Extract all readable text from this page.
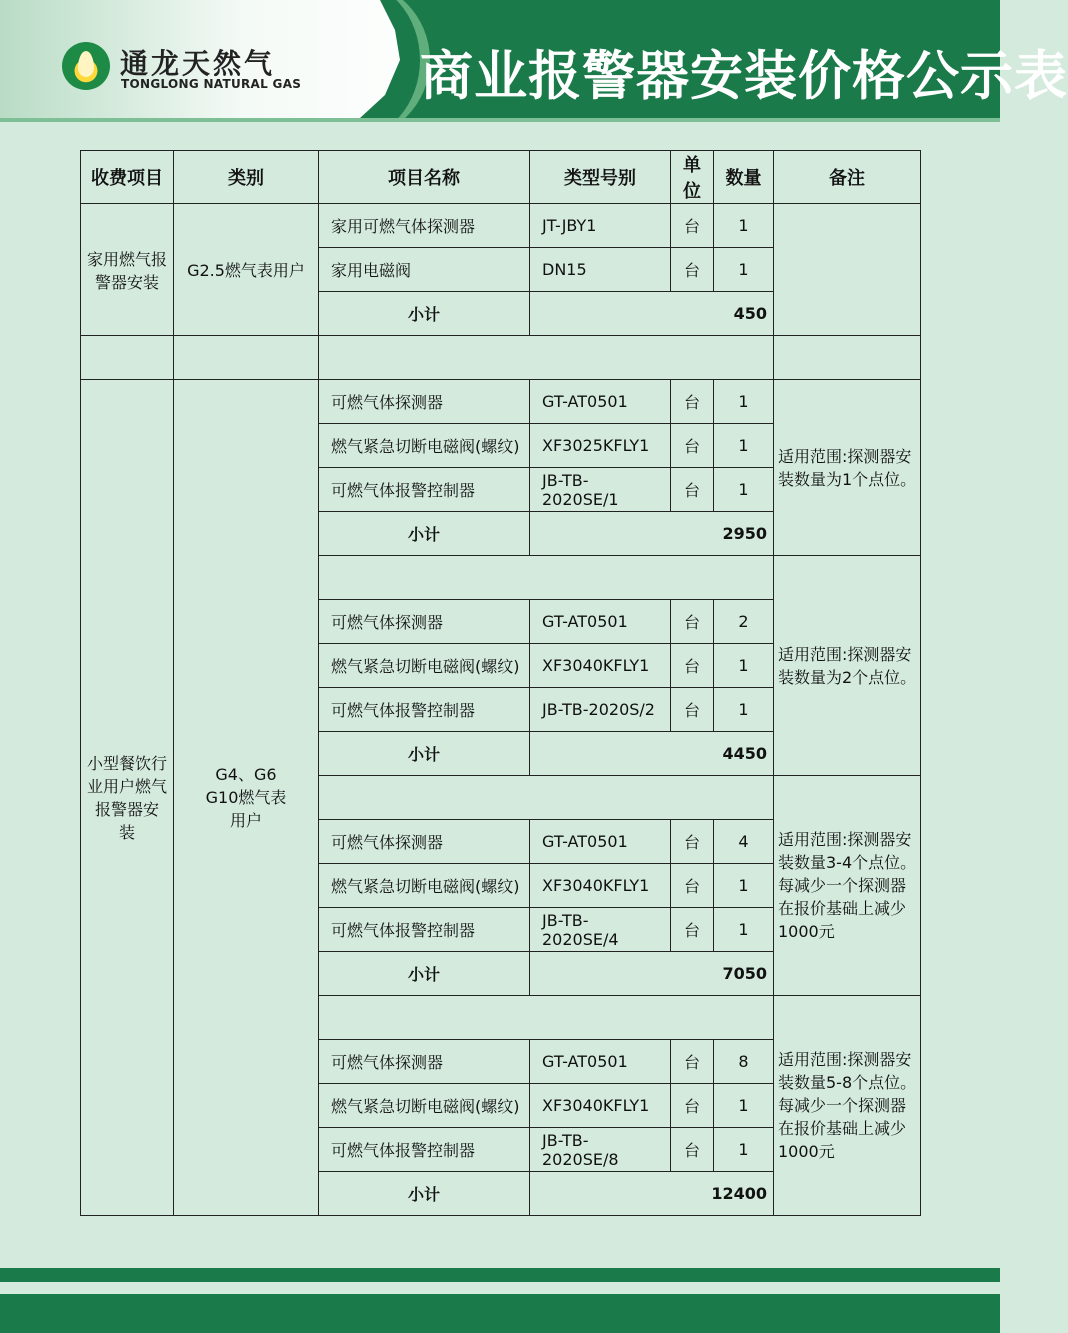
通龙天然气
TONGLONG NATURAL GAS 商业报警器安装价格公示表
收费项目	类别	项目名称	类型号别	单位	数量	备注
家用燃气报警器安装	G2.5燃气表用户	家用可燃气体探测器	JT-JBY1	台	1	
		家用电磁阀	DN15	台	1	
		小计	450			

小型餐饮行业用户燃气报警器安　装	G4、G6 G10燃气表用户	可燃气体探测器	GT-AT0501	台	1	适用范围:探测器安装数量为1个点位。
		燃气紧急切断电磁阀(螺纹)	XF3025KFLY1	台	1	
		可燃气体报警控制器	JB-TB-2020SE/1	台	1	
		小计	2950			
						适用范围:探测器安装数量为2个点位。
		可燃气体探测器	GT-AT0501	台	2	
		燃气紧急切断电磁阀(螺纹)	XF3040KFLY1	台	1	
		可燃气体报警控制器	JB-TB-2020S/2	台	1	
		小计	4450			
						适用范围:探测器安装数量3-4个点位。每减少一个探测器在报价基础上减少1000元
		可燃气体探测器	GT-AT0501	台	4	
		燃气紧急切断电磁阀(螺纹)	XF3040KFLY1	台	1	
		可燃气体报警控制器	JB-TB-2020SE/4	台	1	
		小计	7050			
						适用范围:探测器安装数量5-8个点位。每减少一个探测器在报价基础上减少1000元
		可燃气体探测器	GT-AT0501	台	8	
		燃气紧急切断电磁阀(螺纹)	XF3040KFLY1	台	1	
		可燃气体报警控制器	JB-TB-2020SE/8	台	1	
		小计	12400			
